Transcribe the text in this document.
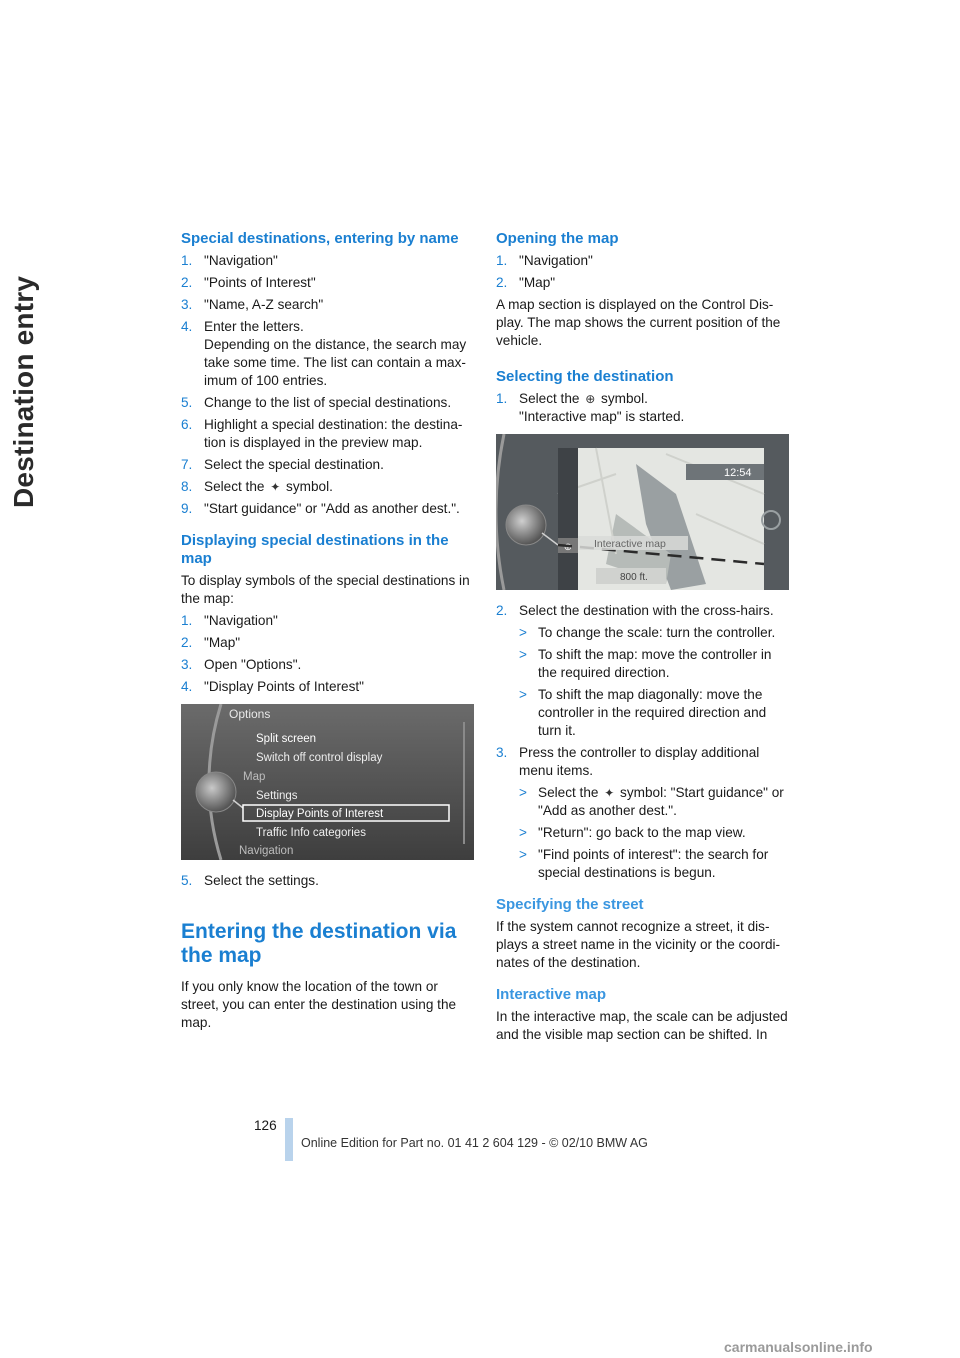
Destination entry
Special destinations, entering by name
1. "Navigation"
2. "Points of Interest"
3. "Name, A-Z search"
4. Enter the letters.
Depending on the distance, the search may take some time. The list can contain a max-imum of 100 entries.
5. Change to the list of special destinations.
6. Highlight a special destination: the destina-tion is displayed in the preview map.
7. Select the special destination.
8. Select the ✦ symbol.
9. "Start guidance" or "Add as another dest.".
Displaying special destinations in the map

To display symbols of the special destinations in the map:

1. "Navigation"
2. "Map"
3. Open "Options".
4. "Display Points of Interest"
Options
Split screen
Switch off control display
Map
Settings
Display Points of Interest
Traffic Info categories
Navigation
5. Select the settings.
Entering the destination via the map

If you only know the location of the town or street, you can enter the destination using the map.

Opening the map
1. "Navigation"
2. "Map"

A map section is displayed on the Control Dis-play. The map shows the current position of the vehicle.

Selecting the destination
1. Select the ⊕ symbol.
"Interactive map" is started.
12:54
⊕ Interactive map
800 ft.
2. Select the destination with the cross-hairs.
> To change the scale: turn the controller.
> To shift the map: move the controller in the required direction.
> To shift the map diagonally: move the controller in the required direction and turn it.
3. Press the controller to display additional menu items.
> Select the ✦ symbol: "Start guidance" or "Add as another dest.".
> "Return": go back to the map view.
> "Find points of interest": the search for special destinations is begun.
Specifying the street

If the system cannot recognize a street, it dis-plays a street name in the vicinity or the coordi-nates of the destination.

Interactive map

In the interactive map, the scale can be adjusted and the visible map section can be shifted. In

126
Online Edition for Part no. 01 41 2 604 129 - © 02/10 BMW AG
carmanualsonline.info
